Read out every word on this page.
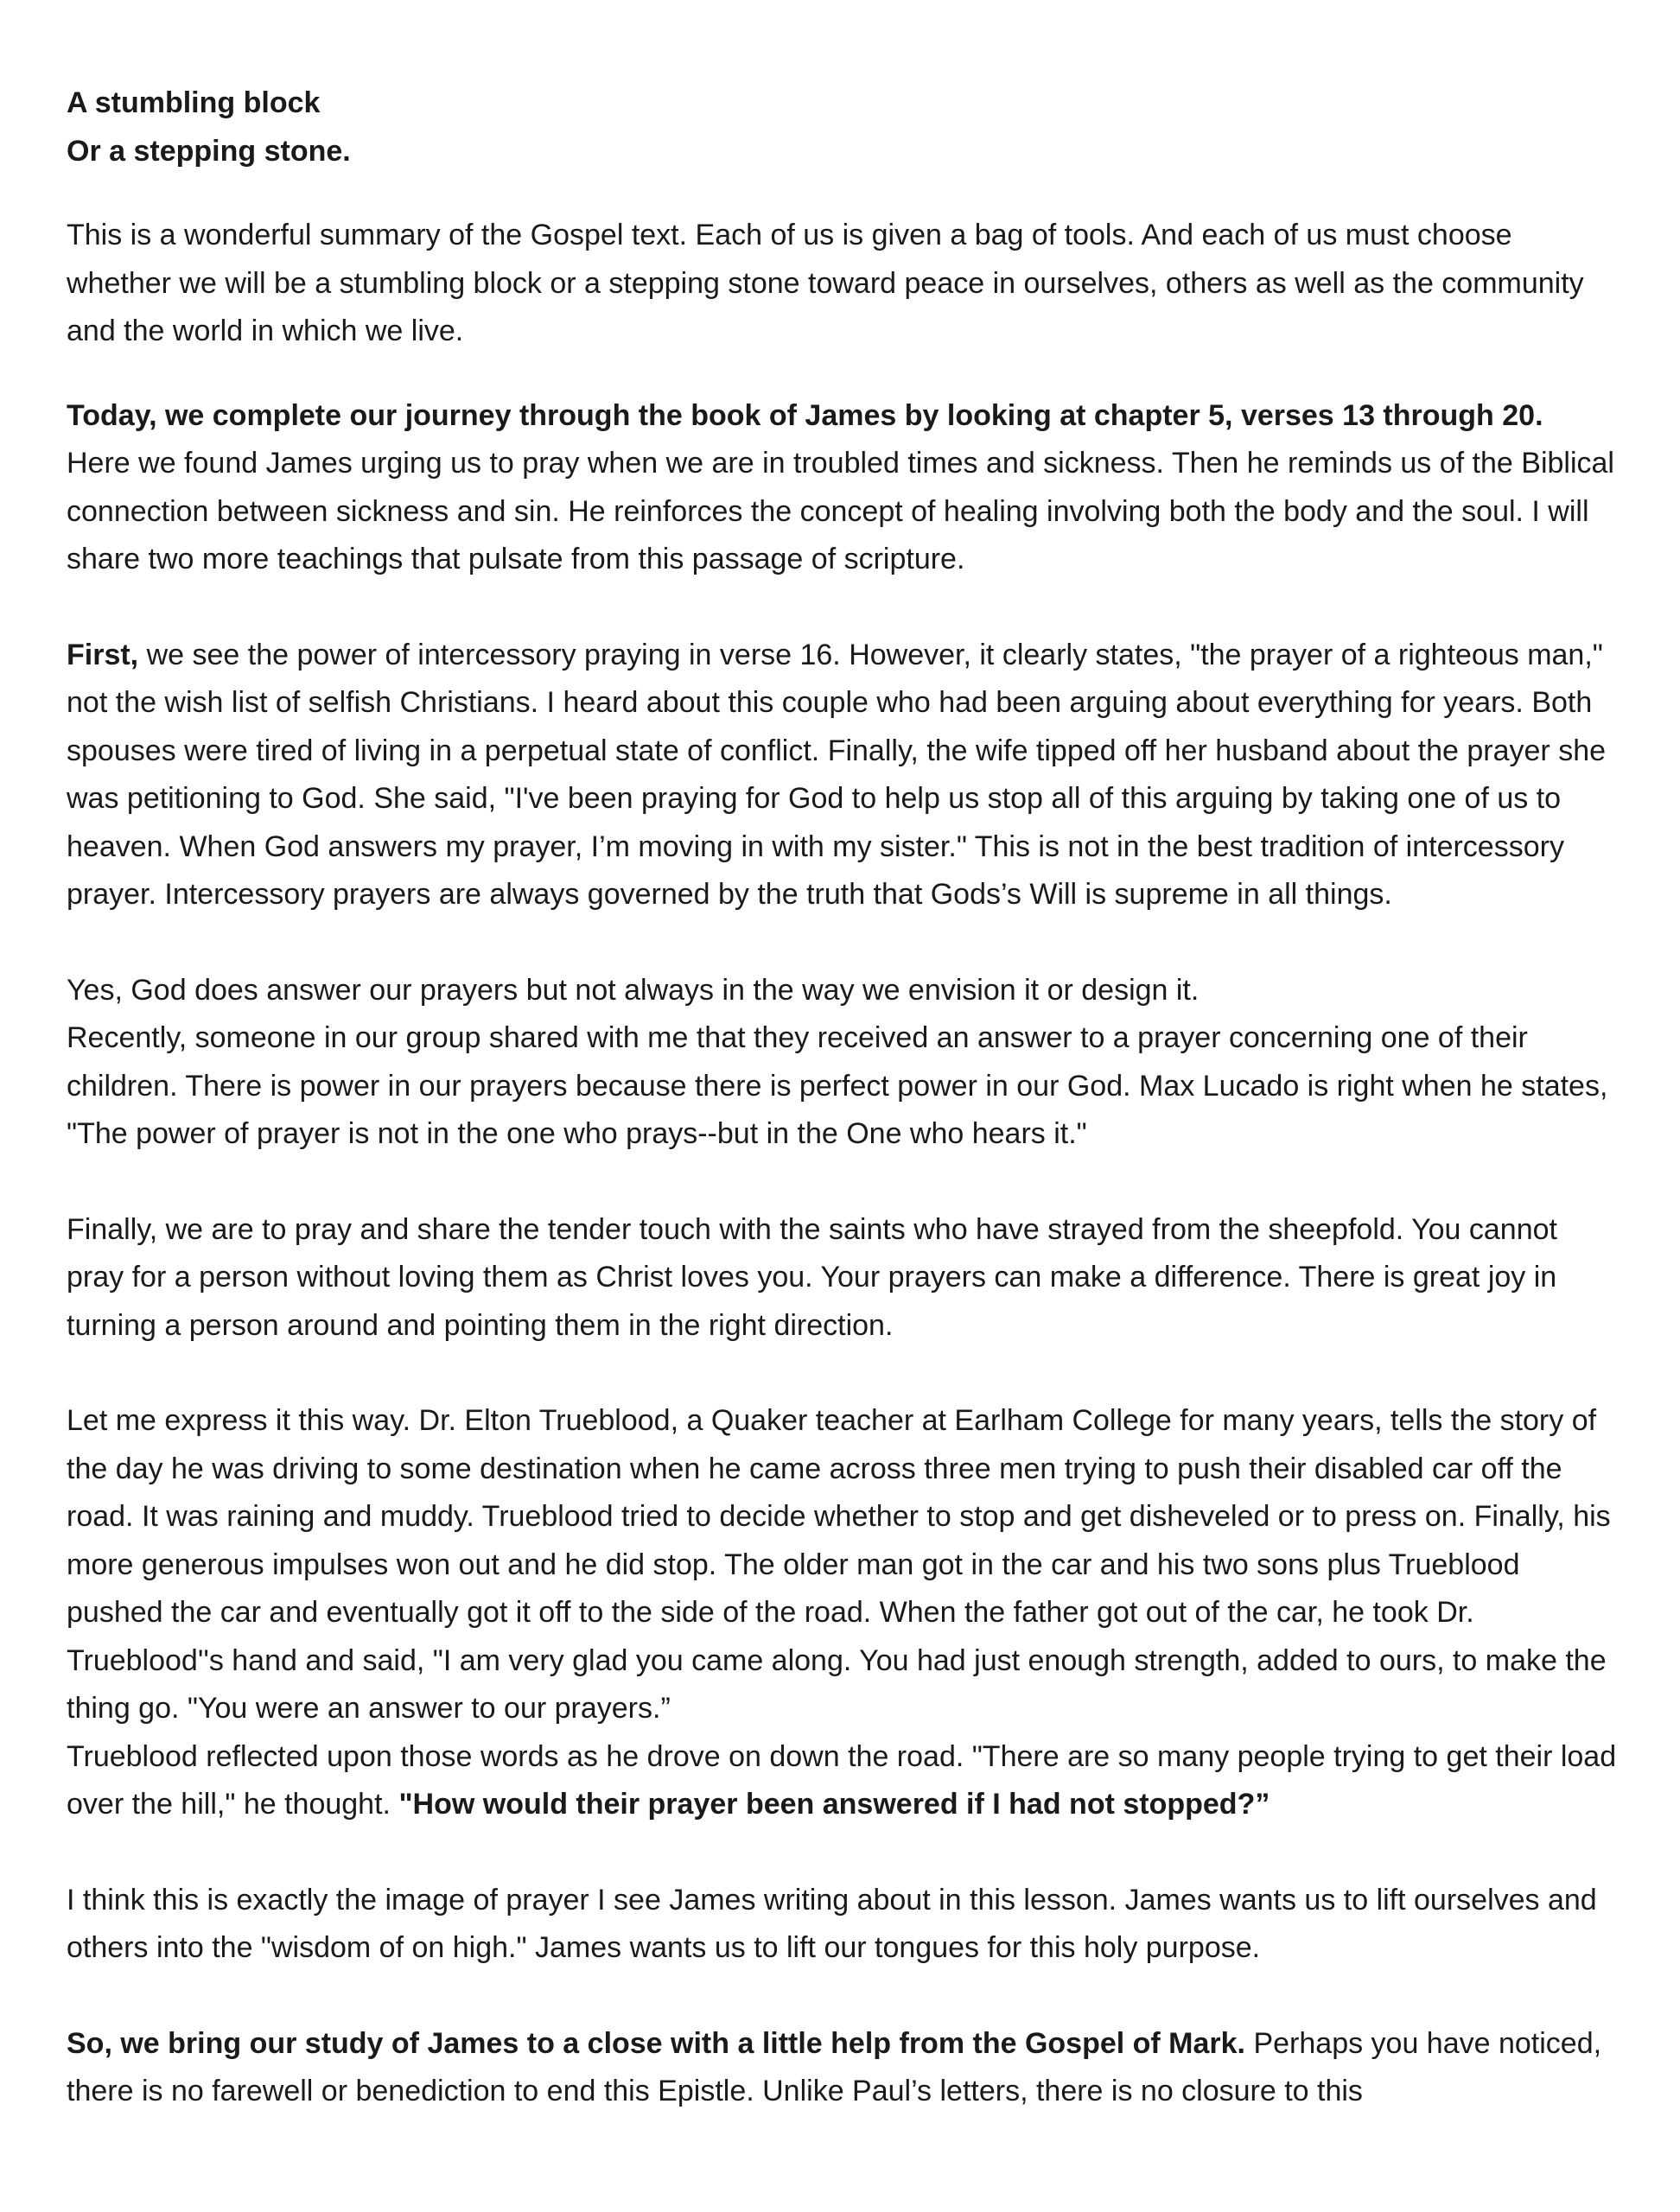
A stumbling block

Or a stepping stone.

This is a wonderful summary of the Gospel text. Each of us is given a bag of tools. And each of us must choose whether we will be a stumbling block or a stepping stone toward peace in ourselves, others as well as the community and the world in which we live.

Today, we complete our journey through the book of James by looking at chapter 5, verses 13 through 20.
Here we found James urging us to pray when we are in troubled times and sickness. Then he reminds us of the Biblical connection between sickness and sin. He reinforces the concept of healing involving both the body and the soul. I will share two more teachings that pulsate from this passage of scripture.

First, we see the power of intercessory praying in verse 16. However, it clearly states, "the prayer of a righteous man," not the wish list of selfish Christians. I heard about this couple who had been arguing about everything for years. Both spouses were tired of living in a perpetual state of conflict. Finally, the wife tipped off her husband about the prayer she was petitioning to God. She said, "I've been praying for God to help us stop all of this arguing by taking one of us to heaven. When God answers my prayer, I’m moving in with my sister." This is not in the best tradition of intercessory prayer. Intercessory prayers are always governed by the truth that Gods’s Will is supreme in all things.

Yes, God does answer our prayers but not always in the way we envision it or design it.
Recently, someone in our group shared with me that they received an answer to a prayer concerning one of their children. There is power in our prayers because there is perfect power in our God. Max Lucado is right when he states, "The power of prayer is not in the one who prays--but in the One who hears it."

Finally, we are to pray and share the tender touch with the saints who have strayed from the sheepfold. You cannot pray for a person without loving them as Christ loves you. Your prayers can make a difference. There is great joy in turning a person around and pointing them in the right direction.

Let me express it this way. Dr. Elton Trueblood, a Quaker teacher at Earlham College for many years, tells the story of the day he was driving to some destination when he came across three men trying to push their disabled car off the road. It was raining and muddy. Trueblood tried to decide whether to stop and get disheveled or to press on. Finally, his more generous impulses won out and he did stop. The older man got in the car and his two sons plus Trueblood pushed the car and eventually got it off to the side of the road. When the father got out of the car, he took Dr. Trueblood''s hand and said, "I am very glad you came along. You had just enough strength, added to ours, to make the thing go. "You were an answer to our prayers.”
Trueblood reflected upon those words as he drove on down the road. "There are so many people trying to get their load over the hill," he thought. "How would their prayer been answered if I had not stopped?”

I think this is exactly the image of prayer I see James writing about in this lesson. James wants us to lift ourselves and others into the "wisdom of on high." James wants us to lift our tongues for this holy purpose.

So, we bring our study of James to a close with a little help from the Gospel of Mark. Perhaps you have noticed, there is no farewell or benediction to end this Epistle. Unlike Paul’s letters, there is no closure to this
